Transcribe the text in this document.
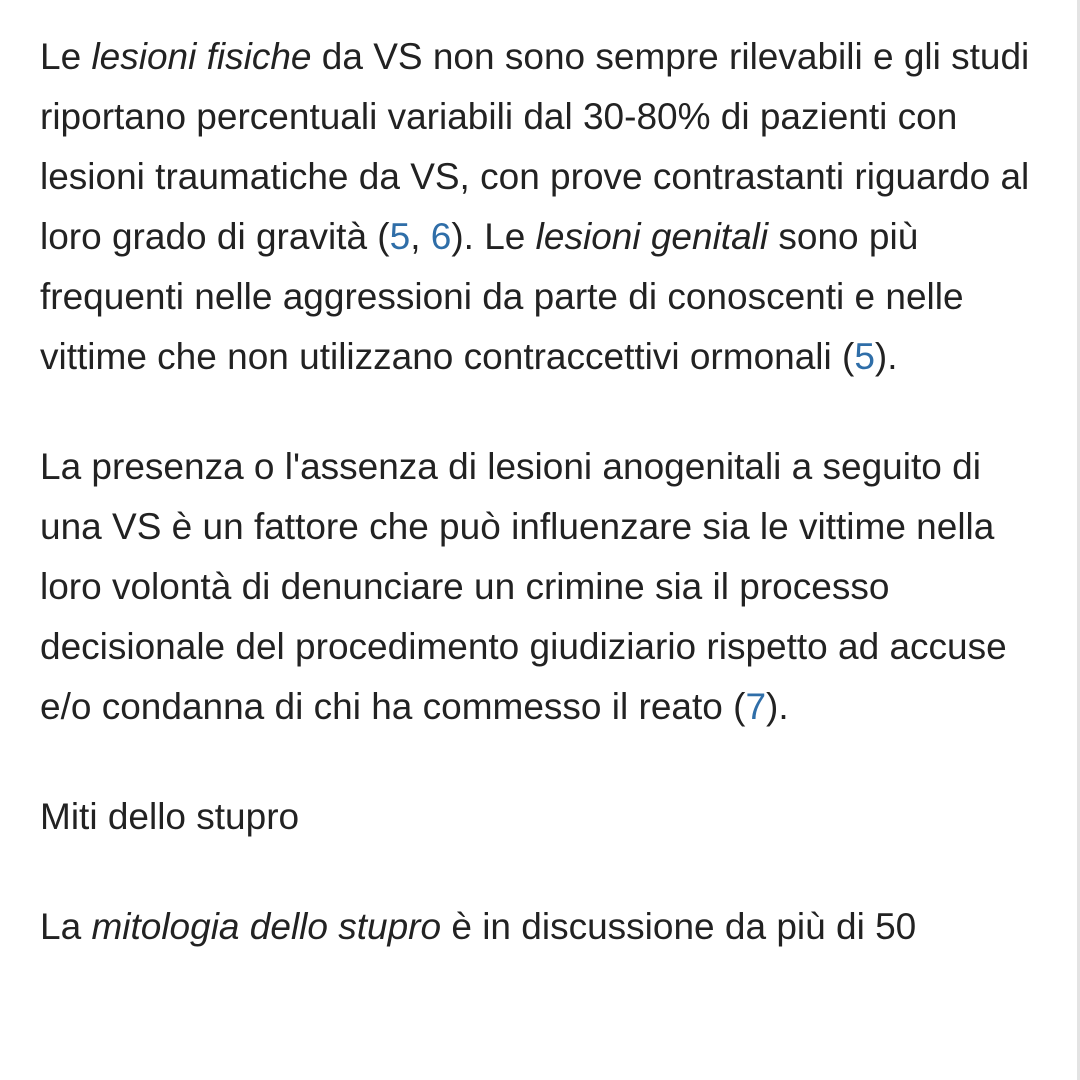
Le lesioni fisiche da VS non sono sempre rilevabili e gli studi riportano percentuali variabili dal 30-80% di pazienti con lesioni traumatiche da VS, con prove contrastanti riguardo al loro grado di gravità (5, 6). Le lesioni genitali sono più frequenti nelle aggressioni da parte di conoscenti e nelle vittime che non utilizzano contraccettivi ormonali (5).

La presenza o l'assenza di lesioni anogenitali a seguito di una VS è un fattore che può influenzare sia le vittime nella loro volontà di denunciare un crimine sia il processo decisionale del procedimento giudiziario rispetto ad accuse e/o condanna di chi ha commesso il reato (7).

Miti dello stupro

La mitologia dello stupro è in discussione da più di 50
